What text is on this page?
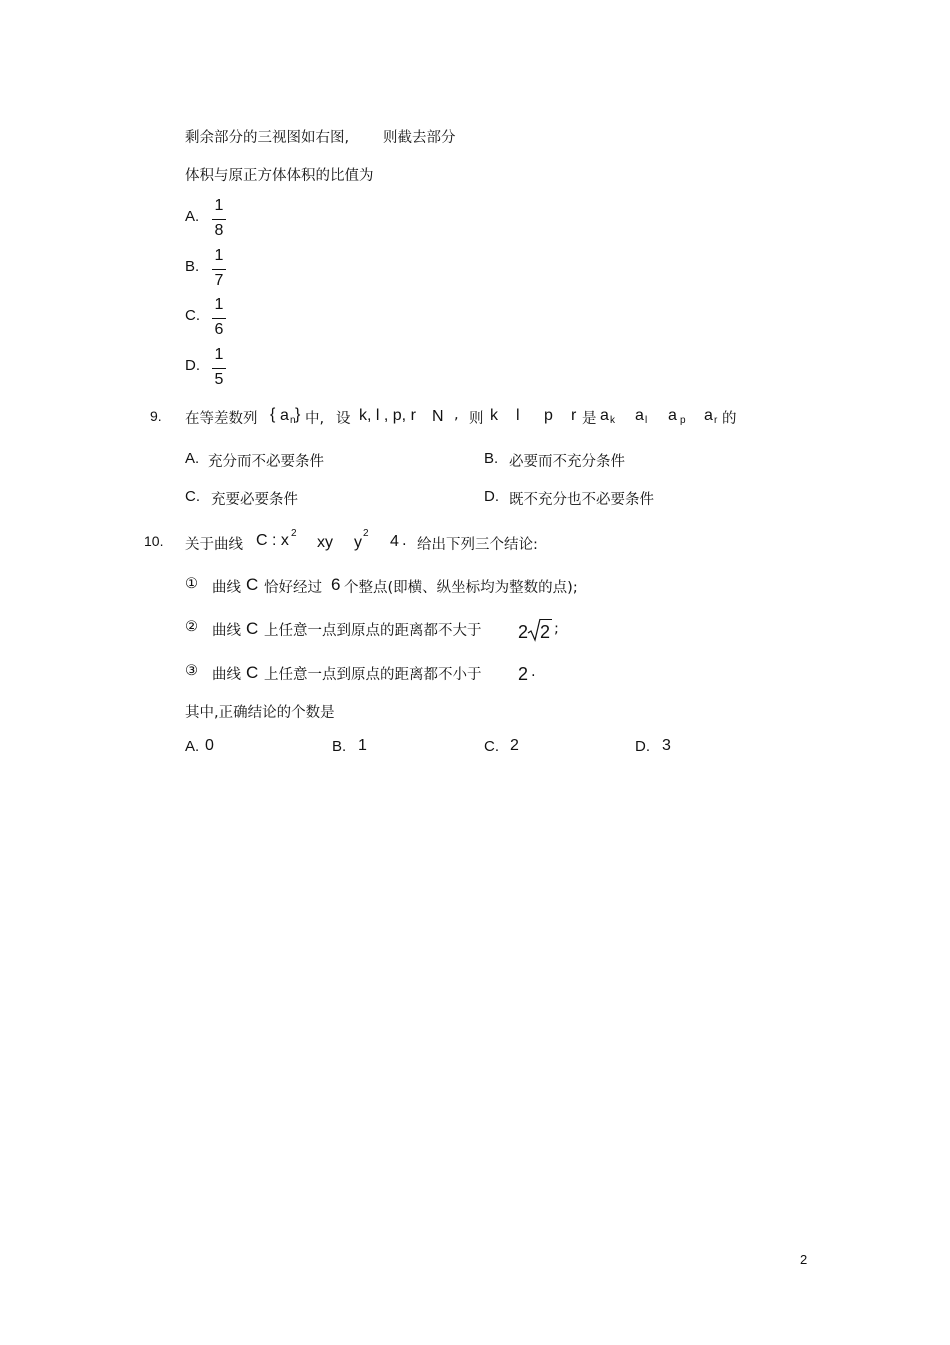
剩余部分的三视图如右图, 则截去部分
体积与原正方体体积的比值为
A.
1
8
B.
1
7
C.
1
6
D.
1
5
9. 在等差数列 { a n } 中, 设 k, l , p, r N , 则 k l p r 是 a k a l a p a r 的
A. 充分而不必要条件	B. 必要而不充分条件
C. 充要必要条件	D. 既不充分也不必要条件
10. 关于曲线 C : x 2
xy y
2 4 . 给出下列三个结论:
① 曲线 C 恰好经过 6 个整点(即横、纵坐标均为整数的点);
② 曲线 C 上任意一点到原点的距离都不大于 2 2 ;
③ 曲线 C 上任意一点到原点的距离都不小于 2 .
其中,正确结论的个数是
A. 0	B. 1	C. 2	D. 3
2
